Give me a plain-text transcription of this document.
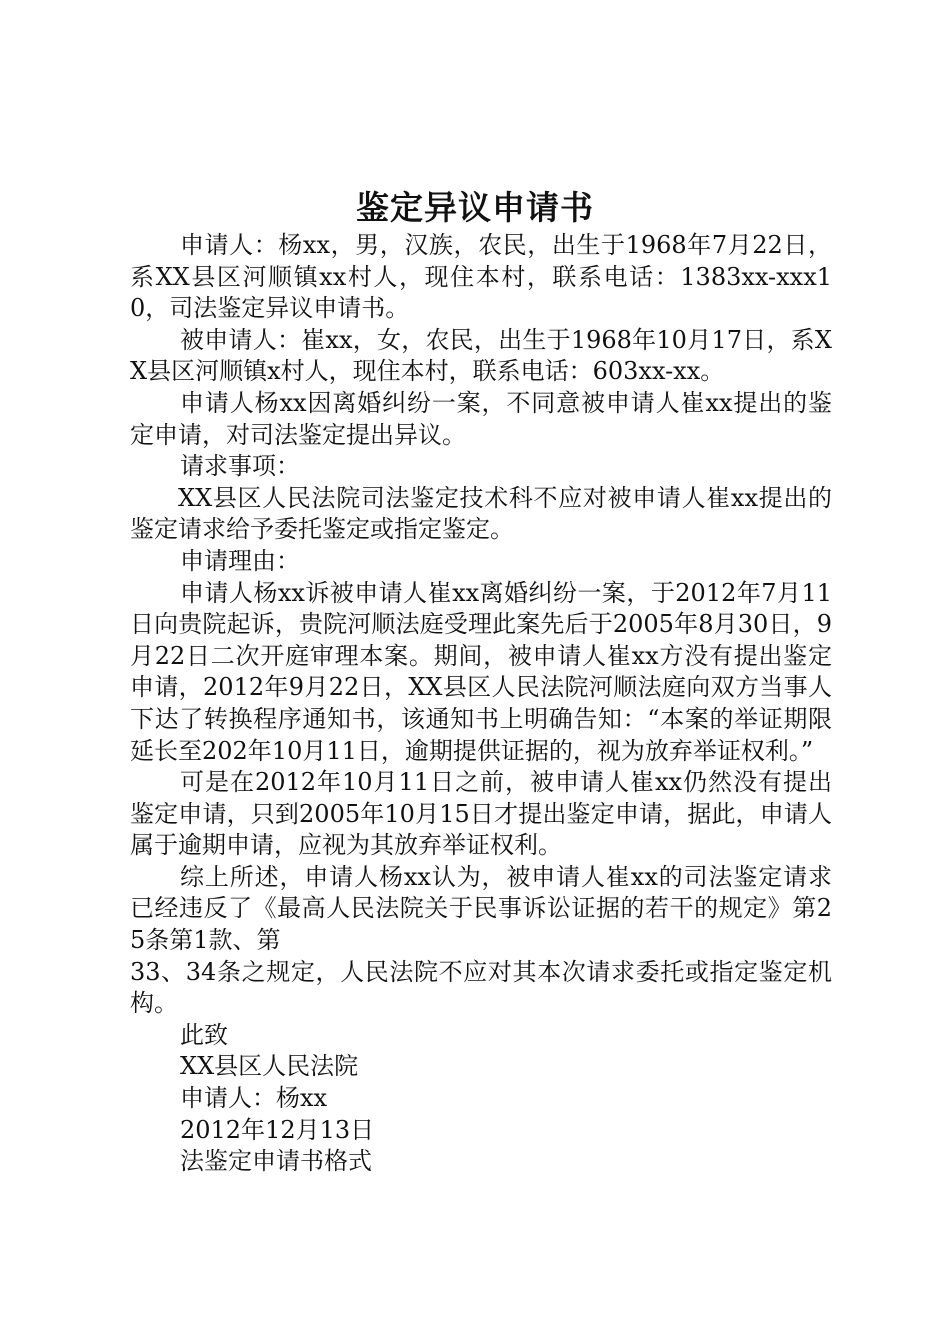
鉴定异议申请书

申请人：杨xx，男，汉族，农民，出生于1968年7月22日，系XX县区河顺镇xx村人，现住本村，联系电话：1383xx-xxx10，司法鉴定异议申请书。

被申请人：崔xx，女，农民，出生于1968年10月17日，系XX县区河顺镇x村人，现住本村，联系电话：603xx-xx。

申请人杨xx因离婚纠纷一案，不同意被申请人崔xx提出的鉴定申请，对司法鉴定提出异议。

请求事项：

XX县区人民法院司法鉴定技术科不应对被申请人崔xx提出的鉴定请求给予委托鉴定或指定鉴定。

申请理由：

申请人杨xx诉被申请人崔xx离婚纠纷一案，于2012年7月11日向贵院起诉，贵院河顺法庭受理此案先后于2005年8月30日，9月22日二次开庭审理本案。期间，被申请人崔xx方没有提出鉴定申请，2012年9月22日，XX县区人民法院河顺法庭向双方当事人下达了转换程序通知书，该通知书上明确告知：“本案的举证期限延长至202年10月11日，逾期提供证据的，视为放弃举证权利。”

可是在2012年10月11日之前，被申请人崔xx仍然没有提出鉴定申请，只到2005年10月15日才提出鉴定申请，据此，申请人属于逾期申请，应视为其放弃举证权利。

综上所述，申请人杨xx认为，被申请人崔xx的司法鉴定请求已经违反了《最高人民法院关于民事诉讼证据的若干的规定》第25条第1款、第

33、34条之规定，人民法院不应对其本次请求委托或指定鉴定机构。

此致

XX县区人民法院

申请人：杨xx

2012年12月13日

法鉴定申请书格式
